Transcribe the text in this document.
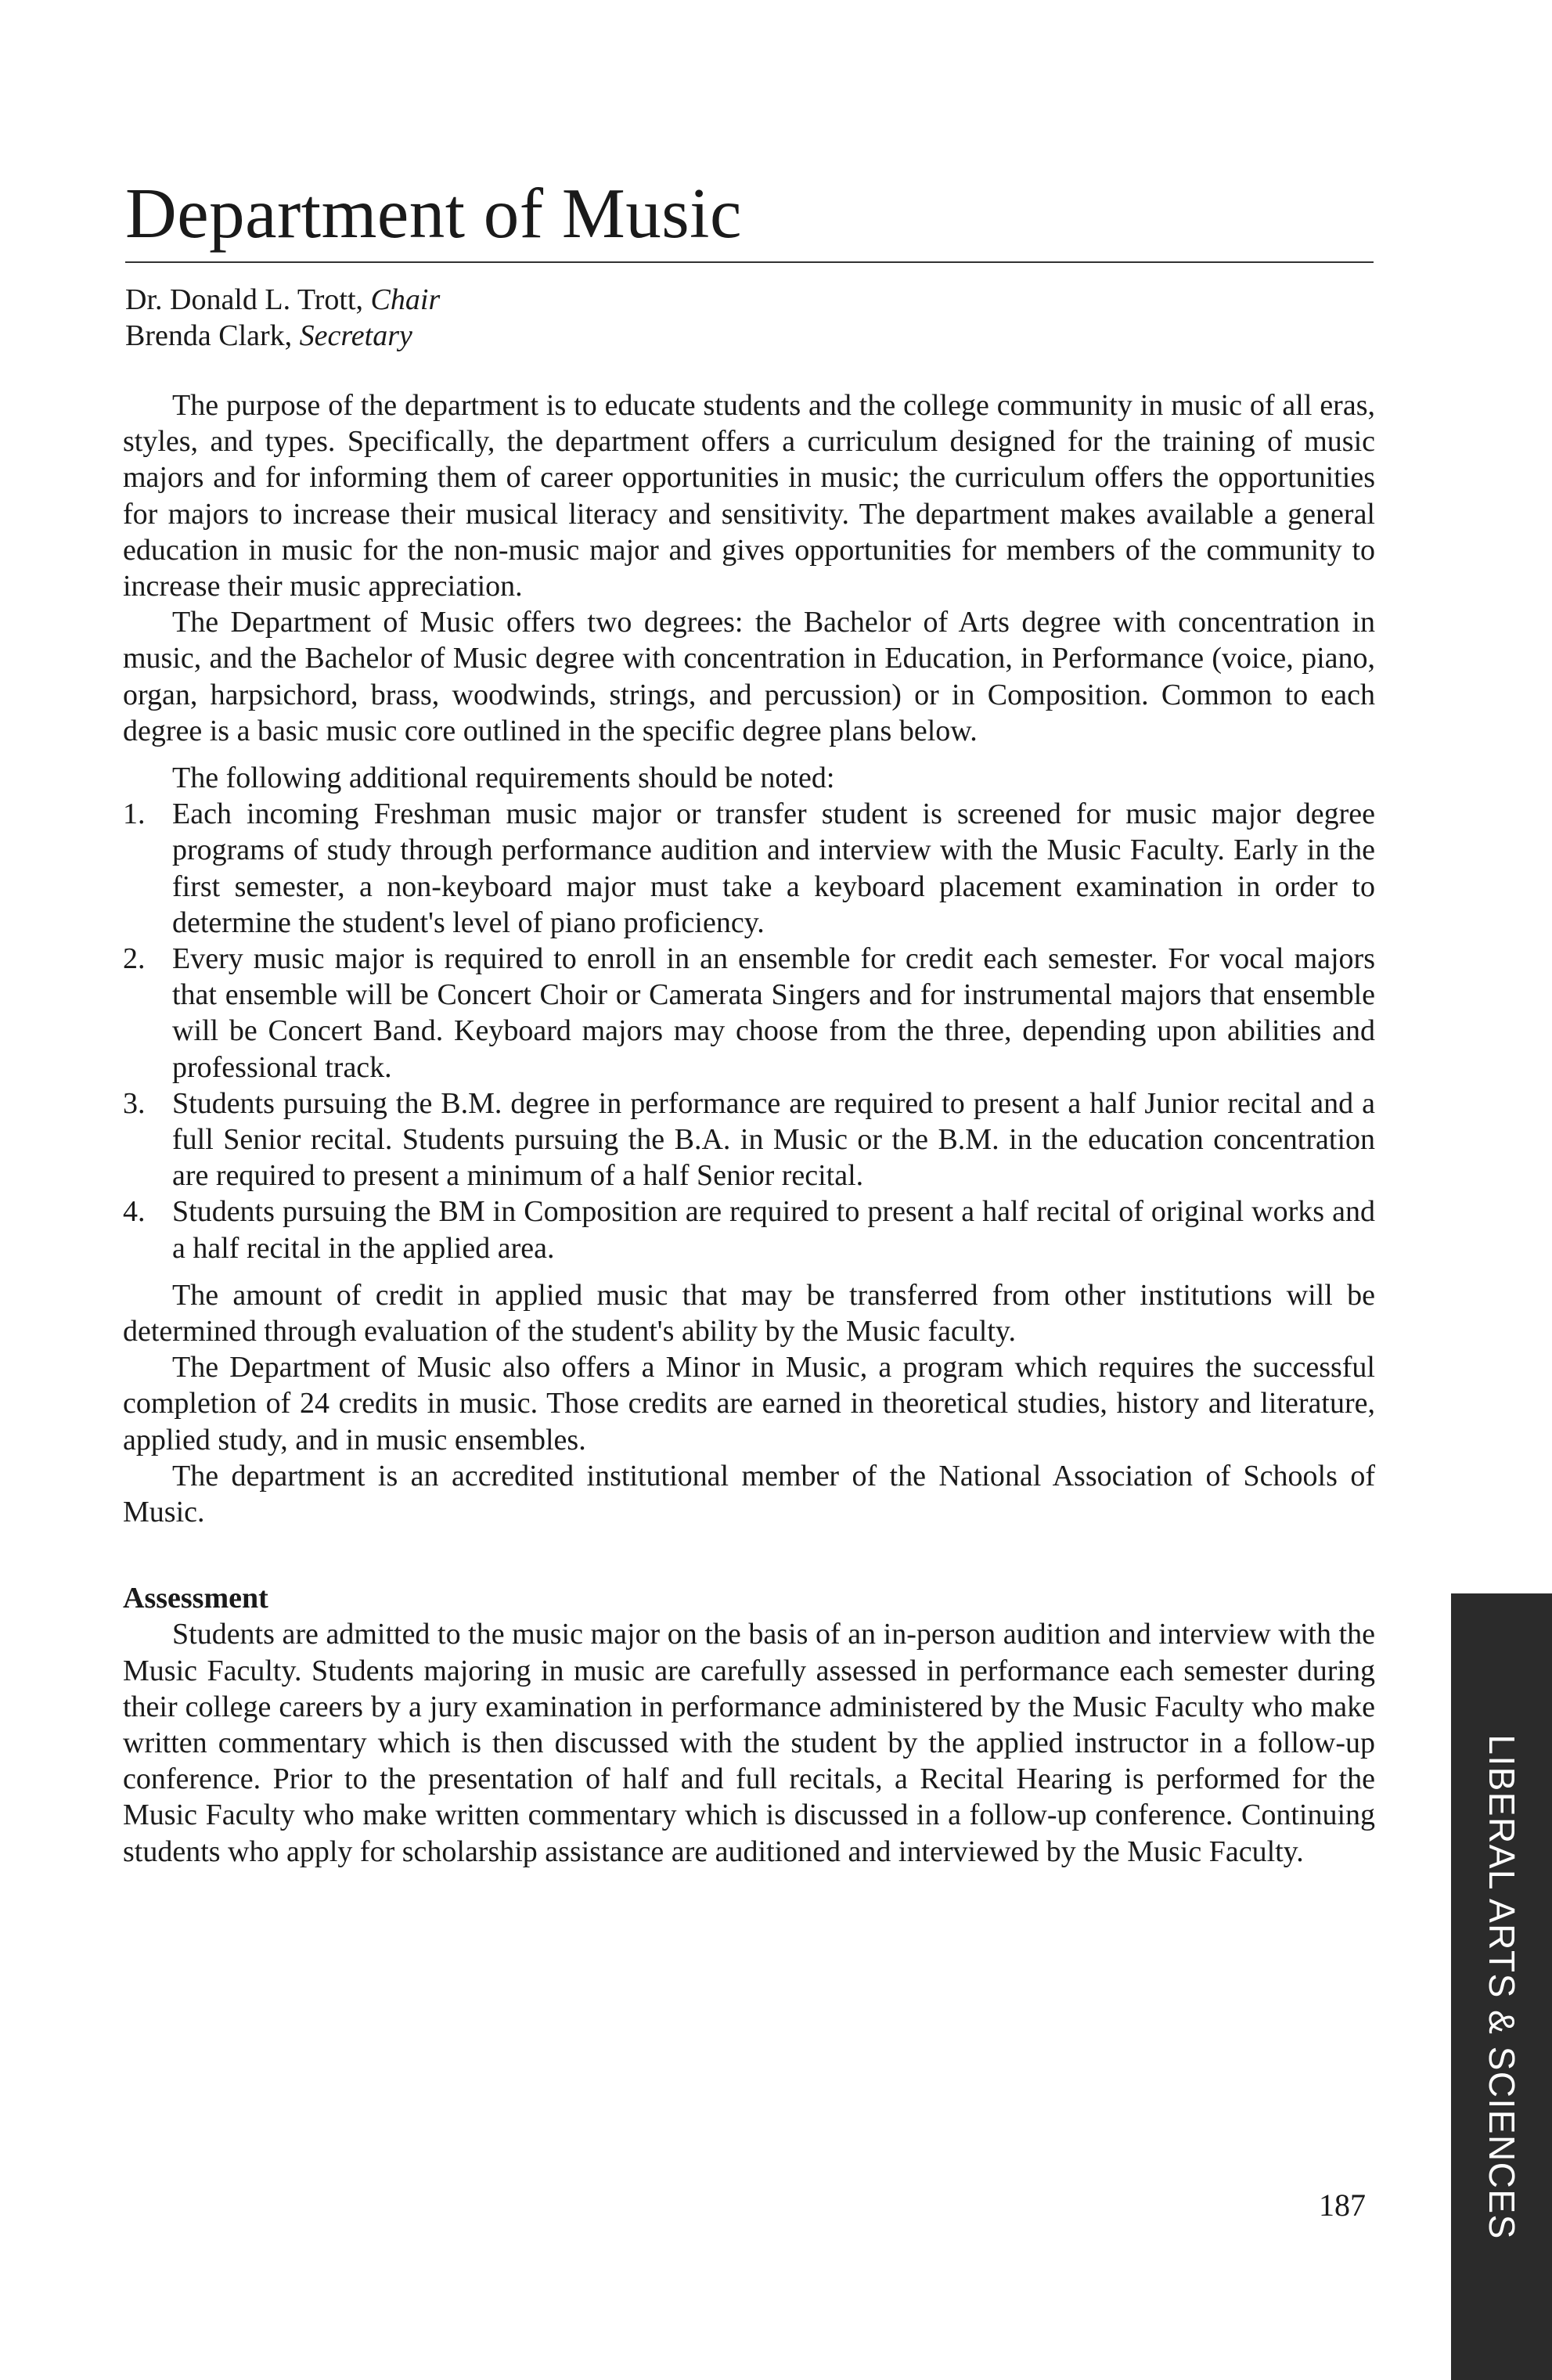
Department of Music
Dr. Donald L. Trott, Chair
Brenda Clark, Secretary

The purpose of the department is to educate students and the college community in music of all eras, styles, and types. Specifically, the department offers a curriculum designed for the training of music majors and for informing them of career opportunities in music; the curriculum offers the opportunities for majors to increase their musical literacy and sensitivity. The department makes available a general education in music for the non-music major and gives opportunities for members of the community to increase their music appreciation.

The Department of Music offers two degrees: the Bachelor of Arts degree with concentration in music, and the Bachelor of Music degree with concentration in Education, in Performance (voice, piano, organ, harpsichord, brass, woodwinds, strings, and percussion) or in Composition. Common to each degree is a basic music core outlined in the specific degree plans below.

The following additional requirements should be noted:

1. Each incoming Freshman music major or transfer student is screened for music major degree programs of study through performance audition and interview with the Music Faculty. Early in the first semester, a non-keyboard major must take a keyboard placement examination in order to determine the student's level of piano proficiency.
2. Every music major is required to enroll in an ensemble for credit each semester. For vocal majors that ensemble will be Concert Choir or Camerata Singers and for instrumental majors that ensemble will be Concert Band. Keyboard majors may choose from the three, depending upon abilities and professional track.
3. Students pursuing the B.M. degree in performance are required to present a half Junior recital and a full Senior recital. Students pursuing the B.A. in Music or the B.M. in the education concentration are required to present a minimum of a half Senior recital.
4. Students pursuing the BM in Composition are required to present a half recital of original works and a half recital in the applied area.

The amount of credit in applied music that may be transferred from other institutions will be determined through evaluation of the student's ability by the Music faculty.

The Department of Music also offers a Minor in Music, a program which requires the successful completion of 24 credits in music. Those credits are earned in theoretical studies, history and literature, applied study, and in music ensembles.

The department is an accredited institutional member of the National Association of Schools of Music.

Assessment

Students are admitted to the music major on the basis of an in-person audition and interview with the Music Faculty. Students majoring in music are carefully assessed in performance each semester during their college careers by a jury examination in performance administered by the Music Faculty who make written commentary which is then discussed with the student by the applied instructor in a follow-up conference. Prior to the presentation of half and full recitals, a Recital Hearing is performed for the Music Faculty who make written commentary which is discussed in a follow-up conference. Continuing students who apply for scholarship assistance are auditioned and interviewed by the Music Faculty.	LIBERAL ARTS & SCIENCES
187
